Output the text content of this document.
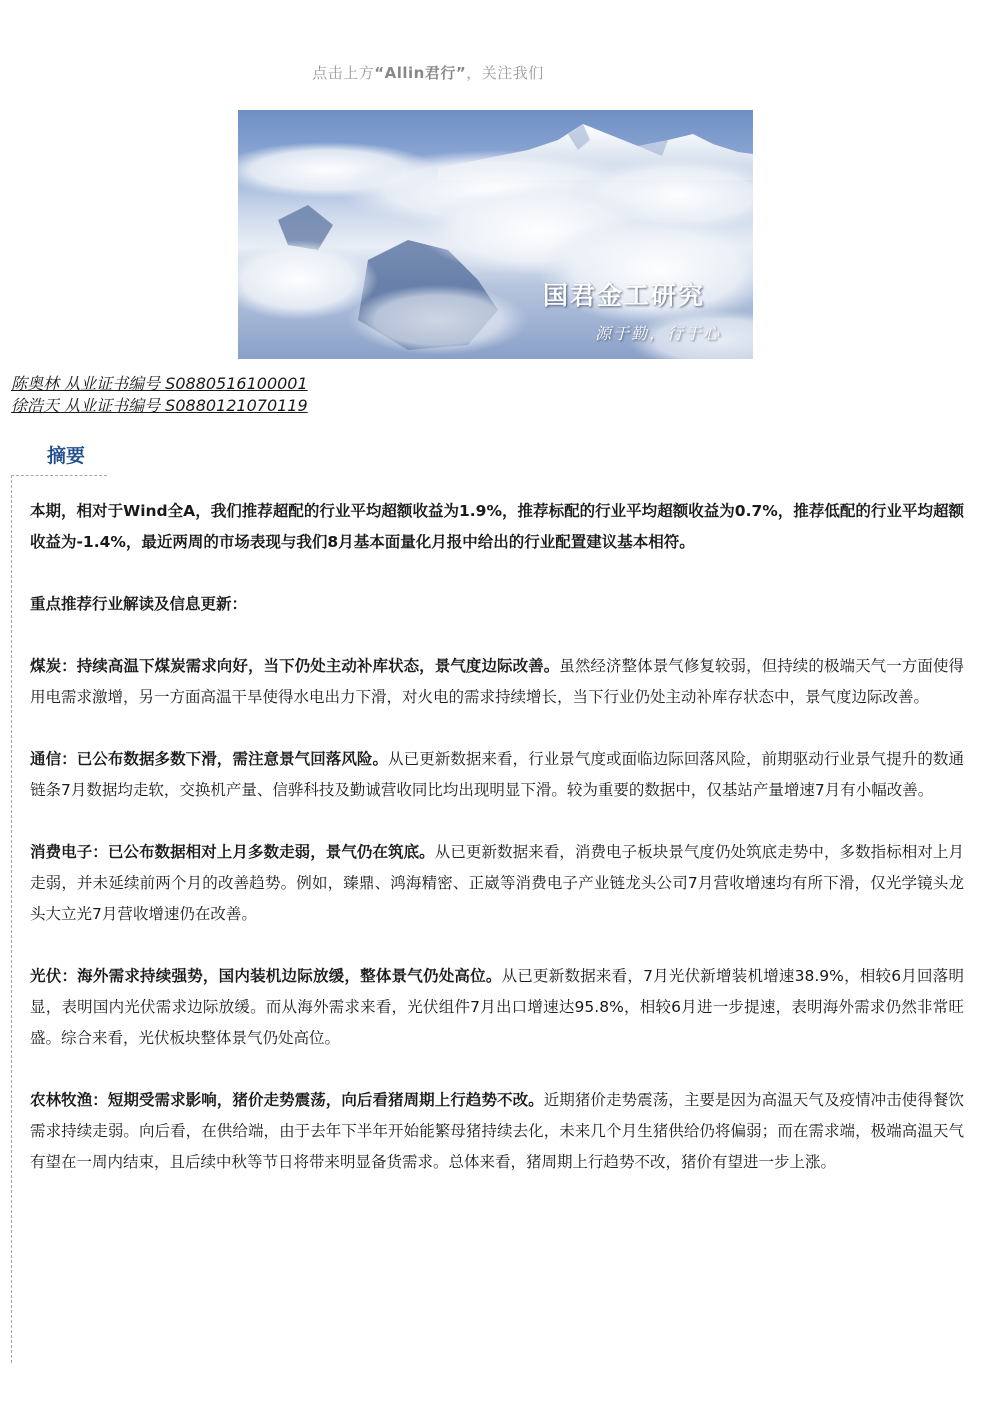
点击上方“Allin君行”，关注我们
国君金工研究
源于勤，行于心
陈奥林 从业证书编号 S0880516100001
徐浩天 从业证书编号 S0880121070119
摘要

本期，相对于Wind全A，我们推荐超配的行业平均超额收益为1.9%，推荐标配的行业平均超额收益为0.7%，推荐低配的行业平均超额收益为-1.4%，最近两周的市场表现与我们8月基本面量化月报中给出的行业配置建议基本相符。

重点推荐行业解读及信息更新：

煤炭：持续高温下煤炭需求向好，当下仍处主动补库状态，景气度边际改善。虽然经济整体景气修复较弱，但持续的极端天气一方面使得用电需求激增，另一方面高温干旱使得水电出力下滑，对火电的需求持续增长，当下行业仍处主动补库存状态中，景气度边际改善。

通信：已公布数据多数下滑，需注意景气回落风险。从已更新数据来看，行业景气度或面临边际回落风险，前期驱动行业景气提升的数通链条7月数据均走软，交换机产量、信骅科技及勤诚营收同比均出现明显下滑。较为重要的数据中，仅基站产量增速7月有小幅改善。

消费电子：已公布数据相对上月多数走弱，景气仍在筑底。从已更新数据来看，消费电子板块景气度仍处筑底走势中，多数指标相对上月走弱，并未延续前两个月的改善趋势。例如，臻鼎、鸿海精密、正崴等消费电子产业链龙头公司7月营收增速均有所下滑，仅光学镜头龙头大立光7月营收增速仍在改善。

光伏：海外需求持续强势，国内装机边际放缓，整体景气仍处高位。从已更新数据来看，7月光伏新增装机增速38.9%，相较6月回落明显，表明国内光伏需求边际放缓。而从海外需求来看，光伏组件7月出口增速达95.8%，相较6月进一步提速，表明海外需求仍然非常旺盛。综合来看，光伏板块整体景气仍处高位。

农林牧渔：短期受需求影响，猪价走势震荡，向后看猪周期上行趋势不改。近期猪价走势震荡，主要是因为高温天气及疫情冲击使得餐饮需求持续走弱。向后看，在供给端，由于去年下半年开始能繁母猪持续去化，未来几个月生猪供给仍将偏弱；而在需求端，极端高温天气有望在一周内结束，且后续中秋等节日将带来明显备货需求。总体来看，猪周期上行趋势不改，猪价有望进一步上涨。
